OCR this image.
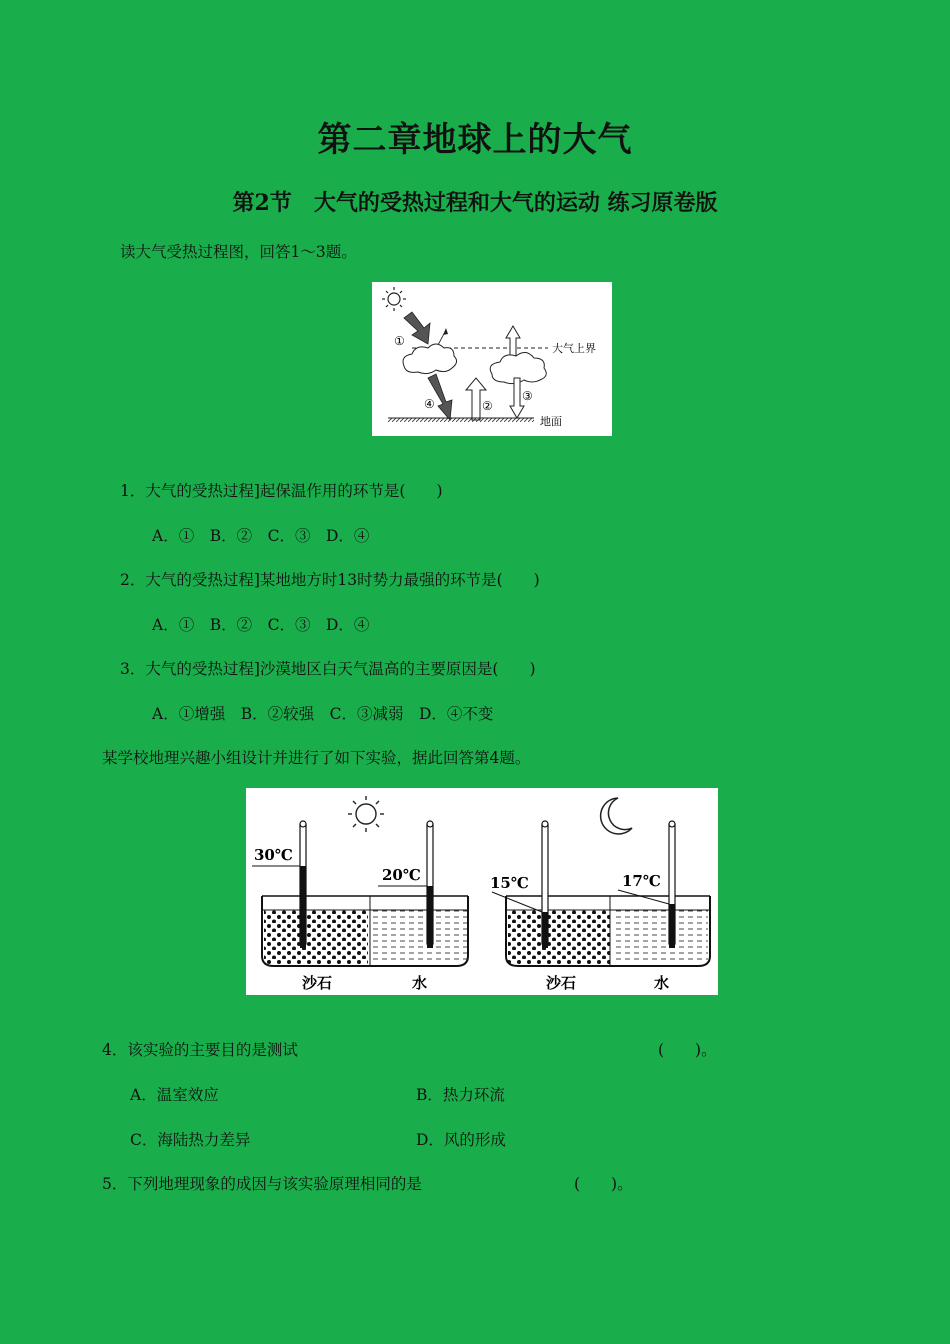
第二章地球上的大气
第2节　大气的受热过程和大气的运动 练习原卷版
读大气受热过程图，回答1～3题。
大气上界
④
①
②
③
地面
1．大气的受热过程]起保温作用的环节是(　　)
A．①　B．②　C．③　D．④
2．大气的受热过程]某地地方时13时势力最强的环节是(　　)
A．①　B．②　C．③　D．④
3．大气的受热过程]沙漠地区白天气温高的主要原因是(　　)
A．①增强　B．②较强　C．③减弱　D．④不变
某学校地理兴趣小组设计并进行了如下实验，据此回答第4题。
30℃
20℃
沙石	水
15℃	17℃
沙石	水
4．该实验的主要目的是测试	(　　)。
A．温室效应	B．热力环流
C．海陆热力差异	D．风的形成
5．下列地理现象的成因与该实验原理相同的是	(　　)。
